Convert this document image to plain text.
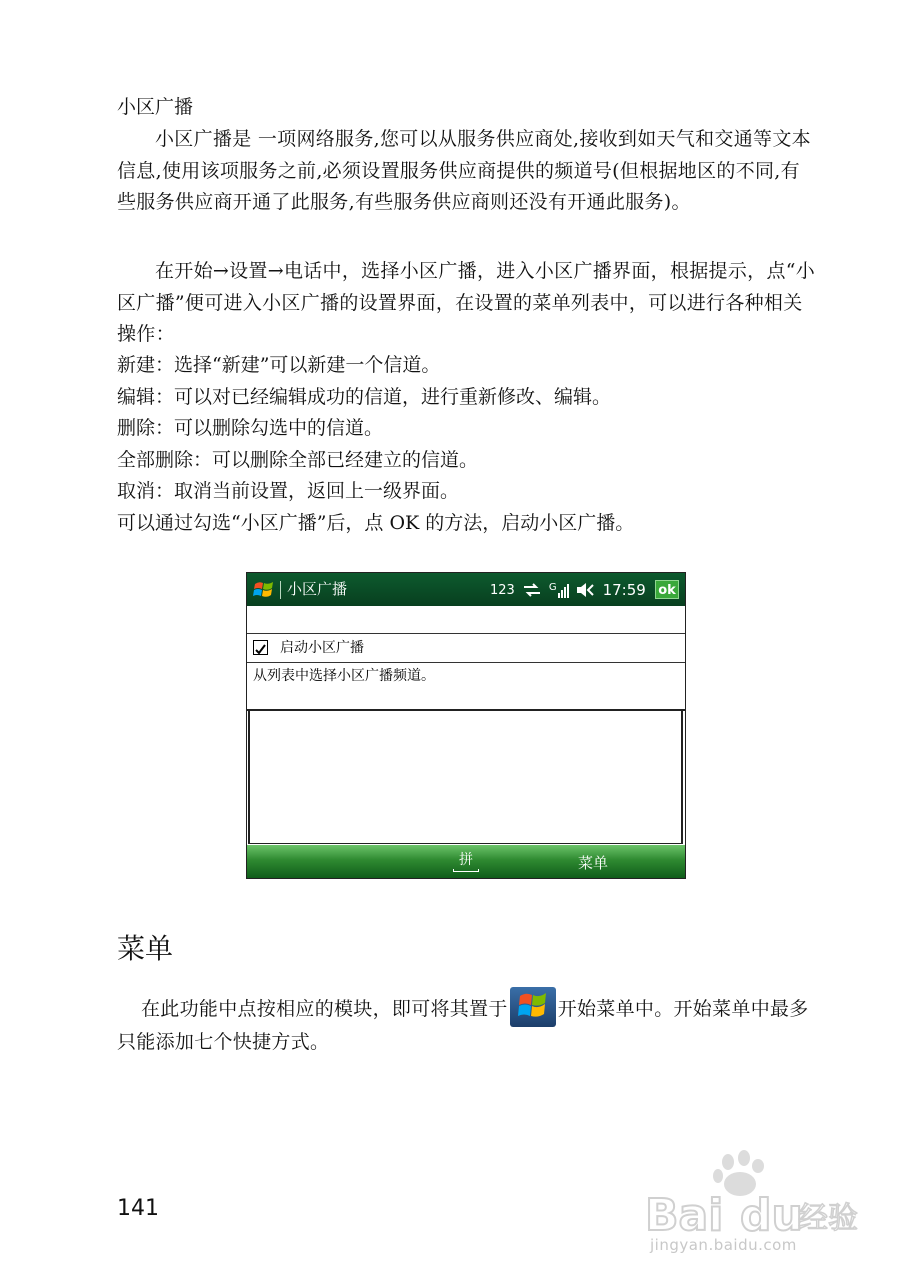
小区广播
小区广播是 一项网络服务,您可以从服务供应商处,接收到如天气和交通等文本信息,使用该项服务之前,必须设置服务供应商提供的频道号(但根据地区的不同,有些服务供应商开通了此服务,有些服务供应商则还没有开通此服务)。
在开始→设置→电话中，选择小区广播，进入小区广播界面，根据提示，点“小区广播”便可进入小区广播的设置界面，在设置的菜单列表中，可以进行各种相关操作：
新建：选择“新建”可以新建一个信道。
编辑：可以对已经编辑成功的信道，进行重新修改、编辑。
删除：可以删除勾选中的信道。
全部删除：可以删除全部已经建立的信道。
取消：取消当前设置，返回上一级界面。
可以通过勾选“小区广播”后，点 OK 的方法，启动小区广播。
小区广播	123	G	17:59 ok
启动小区广播
从列表中选择小区广播频道。
拼	菜单
菜单
在此功能中点按相应的模块，即可将其置于	开始菜单中。开始菜单中最多只能添加七个快捷方式。
141	Bai du
经验
jingyan.baidu.com
